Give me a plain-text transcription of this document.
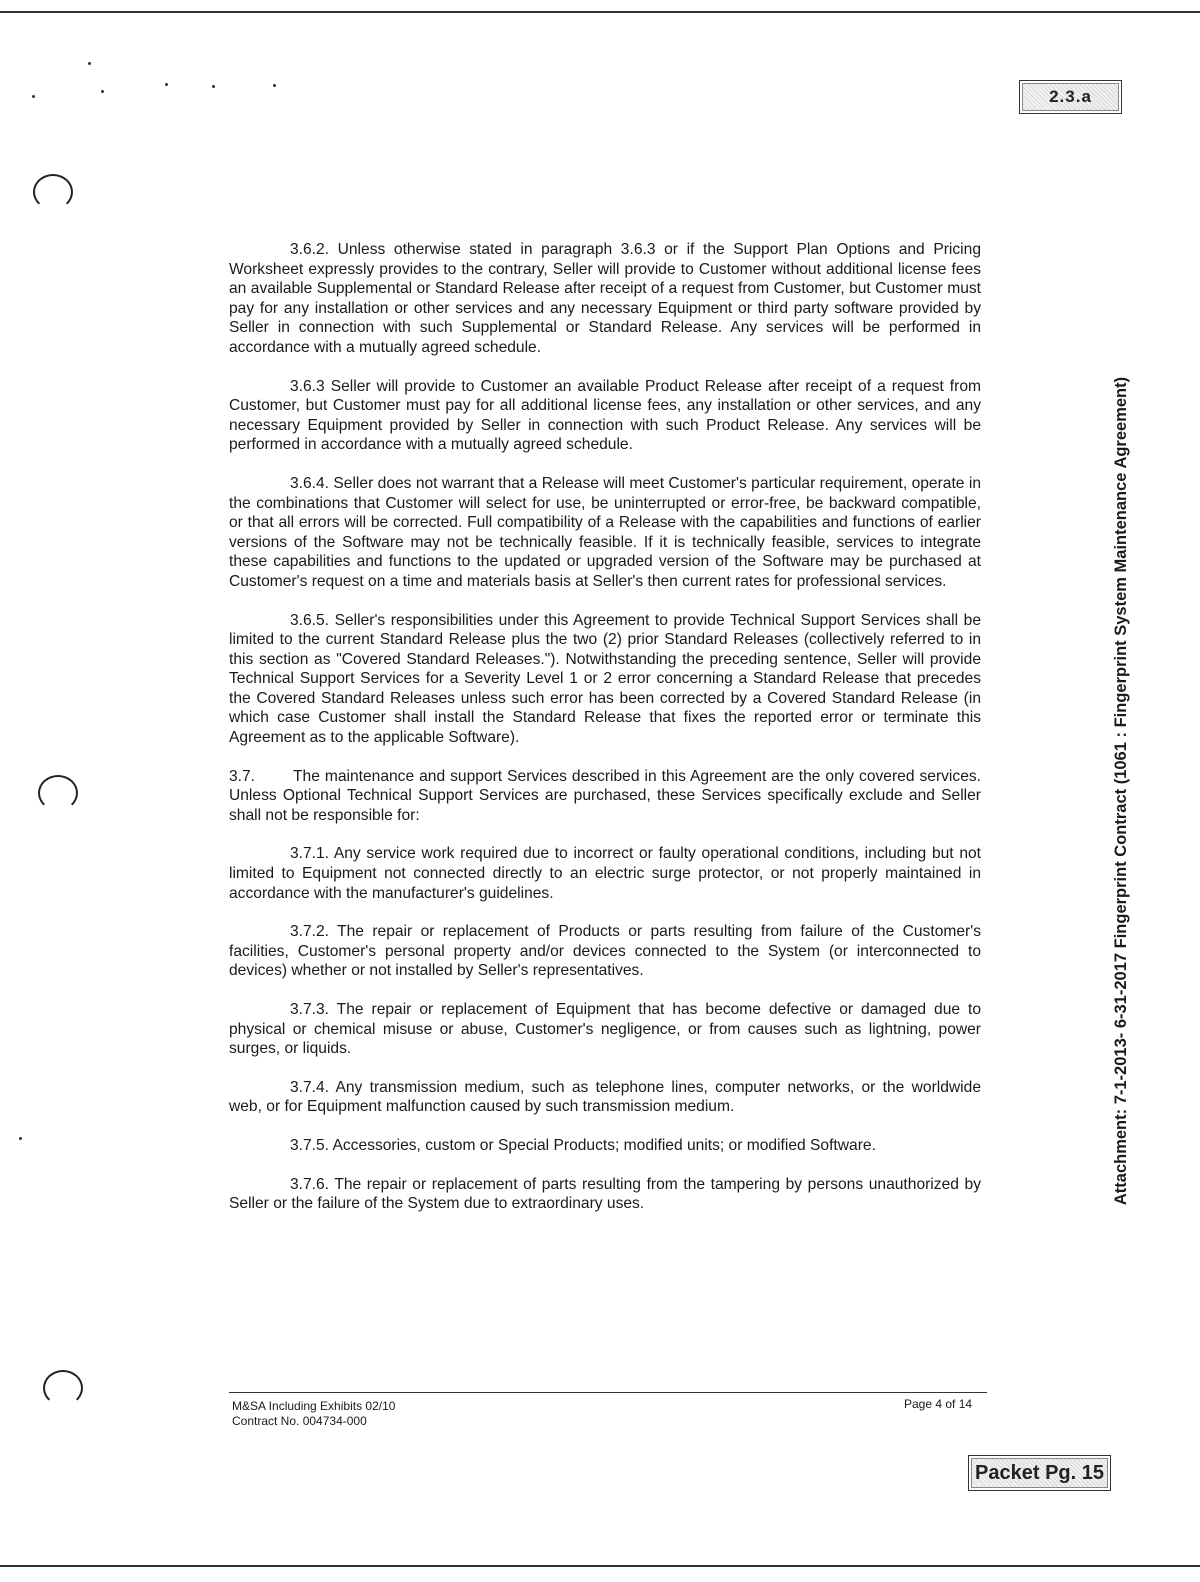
2.3.a
Packet Pg. 15
Attachment: 7-1-2013- 6-31-2017 Fingerprint Contract (1061 : Fingerprint System Maintenance Agreement)

3.6.2. Unless otherwise stated in paragraph 3.6.3 or if the Support Plan Options and Pricing Worksheet expressly provides to the contrary, Seller will provide to Customer without additional license fees an available Supplemental or Standard Release after receipt of a request from Customer, but Customer must pay for any installation or other services and any necessary Equipment or third party software provided by Seller in connection with such Supplemental or Standard Release. Any services will be performed in accordance with a mutually agreed schedule.

3.6.3 Seller will provide to Customer an available Product Release after receipt of a request from Customer, but Customer must pay for all additional license fees, any installation or other services, and any necessary Equipment provided by Seller in connection with such Product Release. Any services will be performed in accordance with a mutually agreed schedule.

3.6.4. Seller does not warrant that a Release will meet Customer's particular requirement, operate in the combinations that Customer will select for use, be uninterrupted or error-free, be backward compatible, or that all errors will be corrected. Full compatibility of a Release with the capabilities and functions of earlier versions of the Software may not be technically feasible. If it is technically feasible, services to integrate these capabilities and functions to the updated or upgraded version of the Software may be purchased at Customer's request on a time and materials basis at Seller's then current rates for professional services.

3.6.5. Seller's responsibilities under this Agreement to provide Technical Support Services shall be limited to the current Standard Release plus the two (2) prior Standard Releases (collectively referred to in this section as "Covered Standard Releases."). Notwithstanding the preceding sentence, Seller will provide Technical Support Services for a Severity Level 1 or 2 error concerning a Standard Release that precedes the Covered Standard Releases unless such error has been corrected by a Covered Standard Release (in which case Customer shall install the Standard Release that fixes the reported error or terminate this Agreement as to the applicable Software).

3.7. The maintenance and support Services described in this Agreement are the only covered services. Unless Optional Technical Support Services are purchased, these Services specifically exclude and Seller shall not be responsible for:

3.7.1. Any service work required due to incorrect or faulty operational conditions, including but not limited to Equipment not connected directly to an electric surge protector, or not properly maintained in accordance with the manufacturer's guidelines.

3.7.2. The repair or replacement of Products or parts resulting from failure of the Customer's facilities, Customer's personal property and/or devices connected to the System (or interconnected to devices) whether or not installed by Seller's representatives.

3.7.3. The repair or replacement of Equipment that has become defective or damaged due to physical or chemical misuse or abuse, Customer's negligence, or from causes such as lightning, power surges, or liquids.

3.7.4. Any transmission medium, such as telephone lines, computer networks, or the worldwide web, or for Equipment malfunction caused by such transmission medium.

3.7.5. Accessories, custom or Special Products; modified units; or modified Software.

3.7.6. The repair or replacement of parts resulting from the tampering by persons unauthorized by Seller or the failure of the System due to extraordinary uses.

M&SA Including Exhibits 02/10
Contract No. 004734-000
Page 4 of 14
